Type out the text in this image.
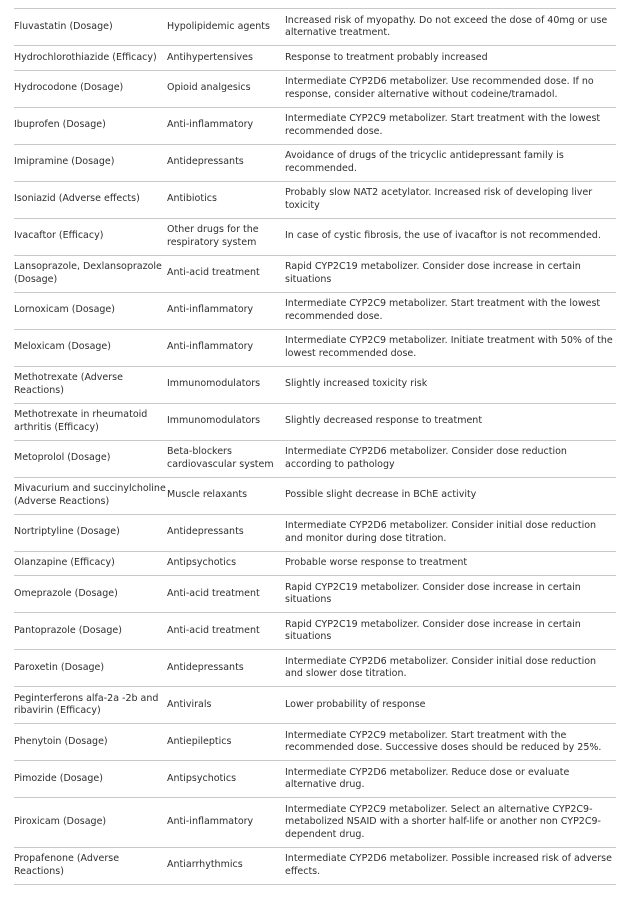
Fluvastatin (Dosage)	Hypolipidemic agents	Increased risk of myopathy. Do not exceed the dose of 40mg or use alternative treatment.
Hydrochlorothiazide (Efficacy)	Antihypertensives	Response to treatment probably increased
Hydrocodone (Dosage)	Opioid analgesics	Intermediate CYP2D6 metabolizer. Use recommended dose. If no response, consider alternative without codeine/tramadol.
Ibuprofen (Dosage)	Anti-inflammatory	Intermediate CYP2C9 metabolizer. Start treatment with the lowest recommended dose.
Imipramine (Dosage)	Antidepressants	Avoidance of drugs of the tricyclic antidepressant family is recommended.
Isoniazid (Adverse effects)	Antibiotics	Probably slow NAT2 acetylator. Increased risk of developing liver toxicity
Ivacaftor (Efficacy)	Other drugs for the respiratory system	In case of cystic fibrosis, the use of ivacaftor is not recommended.
Lansoprazole, Dexlansoprazole (Dosage)	Anti-acid treatment	Rapid CYP2C19 metabolizer. Consider dose increase in certain situations
Lornoxicam (Dosage)	Anti-inflammatory	Intermediate CYP2C9 metabolizer. Start treatment with the lowest recommended dose.
Meloxicam (Dosage)	Anti-inflammatory	Intermediate CYP2C9 metabolizer. Initiate treatment with 50% of the lowest recommended dose.
Methotrexate (Adverse Reactions)	Immunomodulators	Slightly increased toxicity risk
Methotrexate in rheumatoid arthritis (Efficacy)	Immunomodulators	Slightly decreased response to treatment
Metoprolol (Dosage)	Beta-blockers cardiovascular system	Intermediate CYP2D6 metabolizer. Consider dose reduction according to pathology
Mivacurium and succinylcholine (Adverse Reactions)	Muscle relaxants	Possible slight decrease in BChE activity
Nortriptyline (Dosage)	Antidepressants	Intermediate CYP2D6 metabolizer. Consider initial dose reduction and monitor during dose titration.
Olanzapine (Efficacy)	Antipsychotics	Probable worse response to treatment
Omeprazole (Dosage)	Anti-acid treatment	Rapid CYP2C19 metabolizer. Consider dose increase in certain situations
Pantoprazole (Dosage)	Anti-acid treatment	Rapid CYP2C19 metabolizer. Consider dose increase in certain situations
Paroxetin (Dosage)	Antidepressants	Intermediate CYP2D6 metabolizer. Consider initial dose reduction and slower dose titration.
Peginterferons alfa-2a -2b and ribavirin (Efficacy)	Antivirals	Lower probability of response
Phenytoin (Dosage)	Antiepileptics	Intermediate CYP2C9 metabolizer. Start treatment with the recommended dose. Successive doses should be reduced by 25%.
Pimozide (Dosage)	Antipsychotics	Intermediate CYP2D6 metabolizer. Reduce dose or evaluate alternative drug.
Piroxicam (Dosage)	Anti-inflammatory	Intermediate CYP2C9 metabolizer. Select an alternative CYP2C9-metabolized NSAID with a shorter half-life or another non CYP2C9-dependent drug.
Propafenone (Adverse Reactions)	Antiarrhythmics	Intermediate CYP2D6 metabolizer. Possible increased risk of adverse effects.
